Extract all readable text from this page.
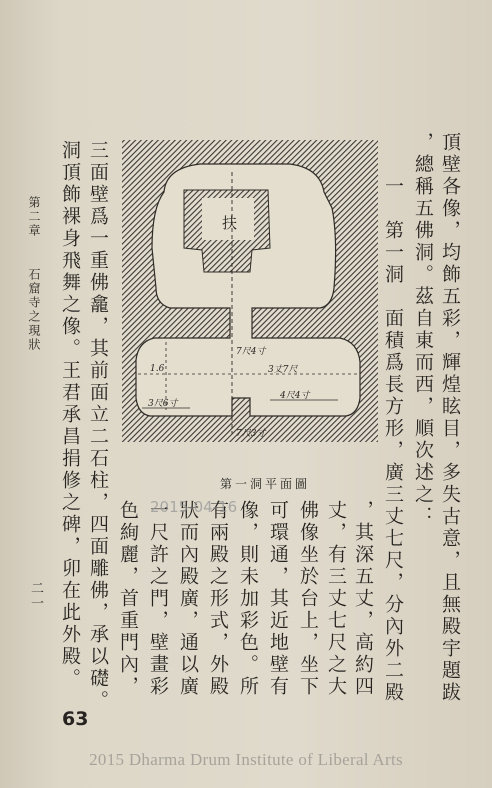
頂壁各像，均飾五彩，輝煌眩目，多失古意，且無殿宇題跋
，總稱五佛洞。茲自東而西，順次述之：
一　第一洞　面積爲長方形，廣三丈七尺，分內外二殿
，其深五丈，高約四
丈，有三丈七尺之大
佛像坐於台上，坐下
可環通，其近地壁有
像，則未加彩色。所
有兩殿之形式，外殿
狀而內殿廣，通以廣
一尺許之門，壁畫彩
色絢麗，首重門內，
三面壁爲一重佛龕，其前面立二石柱，四面雕佛，承以礎。
洞頂飾裸身飛舞之像。王君承昌捐修之碑，卯在此外殿。
第二章
石窟寺之現狀
二一
扶
7尺4寸
1.6	3丈7尺
3尺6寸
4尺4寸
7尺3寸
第一洞平面圖
2015-04-16
63
2015 Dharma Drum Institute of Liberal Arts
